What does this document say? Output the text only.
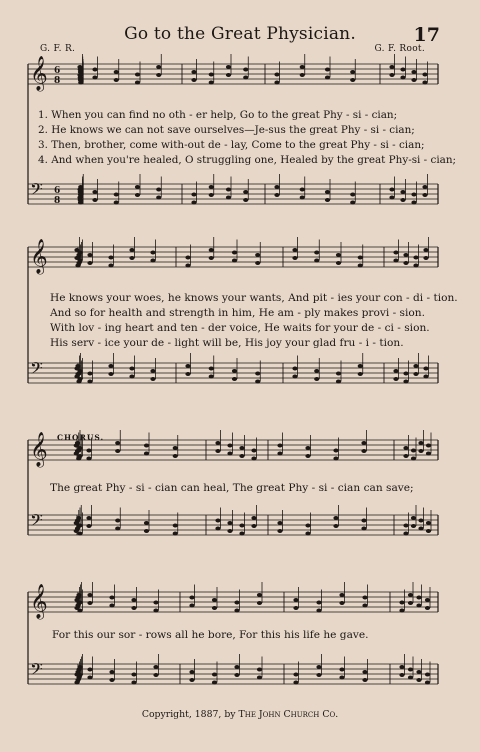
𝄞 6
8
𝄢 6
8
𝄞
𝄢
𝄞
𝄢
𝄞
𝄢
Go to the Great Physician.	17
G. F. R.	G. F. Root.
1. When you can find no oth - er help, Go to the great Phy - si - cian;
2. He knows we can not save ourselves—Je-sus the great Phy - si - cian;
3. Then, brother, come with-out de - lay, Come to the great Phy - si - cian;
4. And when you're healed, O struggling one, Healed by the great Phy-si - cian;
He knows your woes, he knows your wants, And pit - ies your con - di - tion.
And so for health and strength in him, He am - ply makes provi - sion.
With lov - ing heart and ten - der voice, He waits for your de - ci - sion.
His serv - ice your de - light will be, His joy your glad fru - i - tion.
CHORUS.
The great Phy - si - cian can heal, The great Phy - si - cian can save;
For this our sor - rows all he bore, For this his life he gave.
Copyright, 1887, by The John Church Co.
